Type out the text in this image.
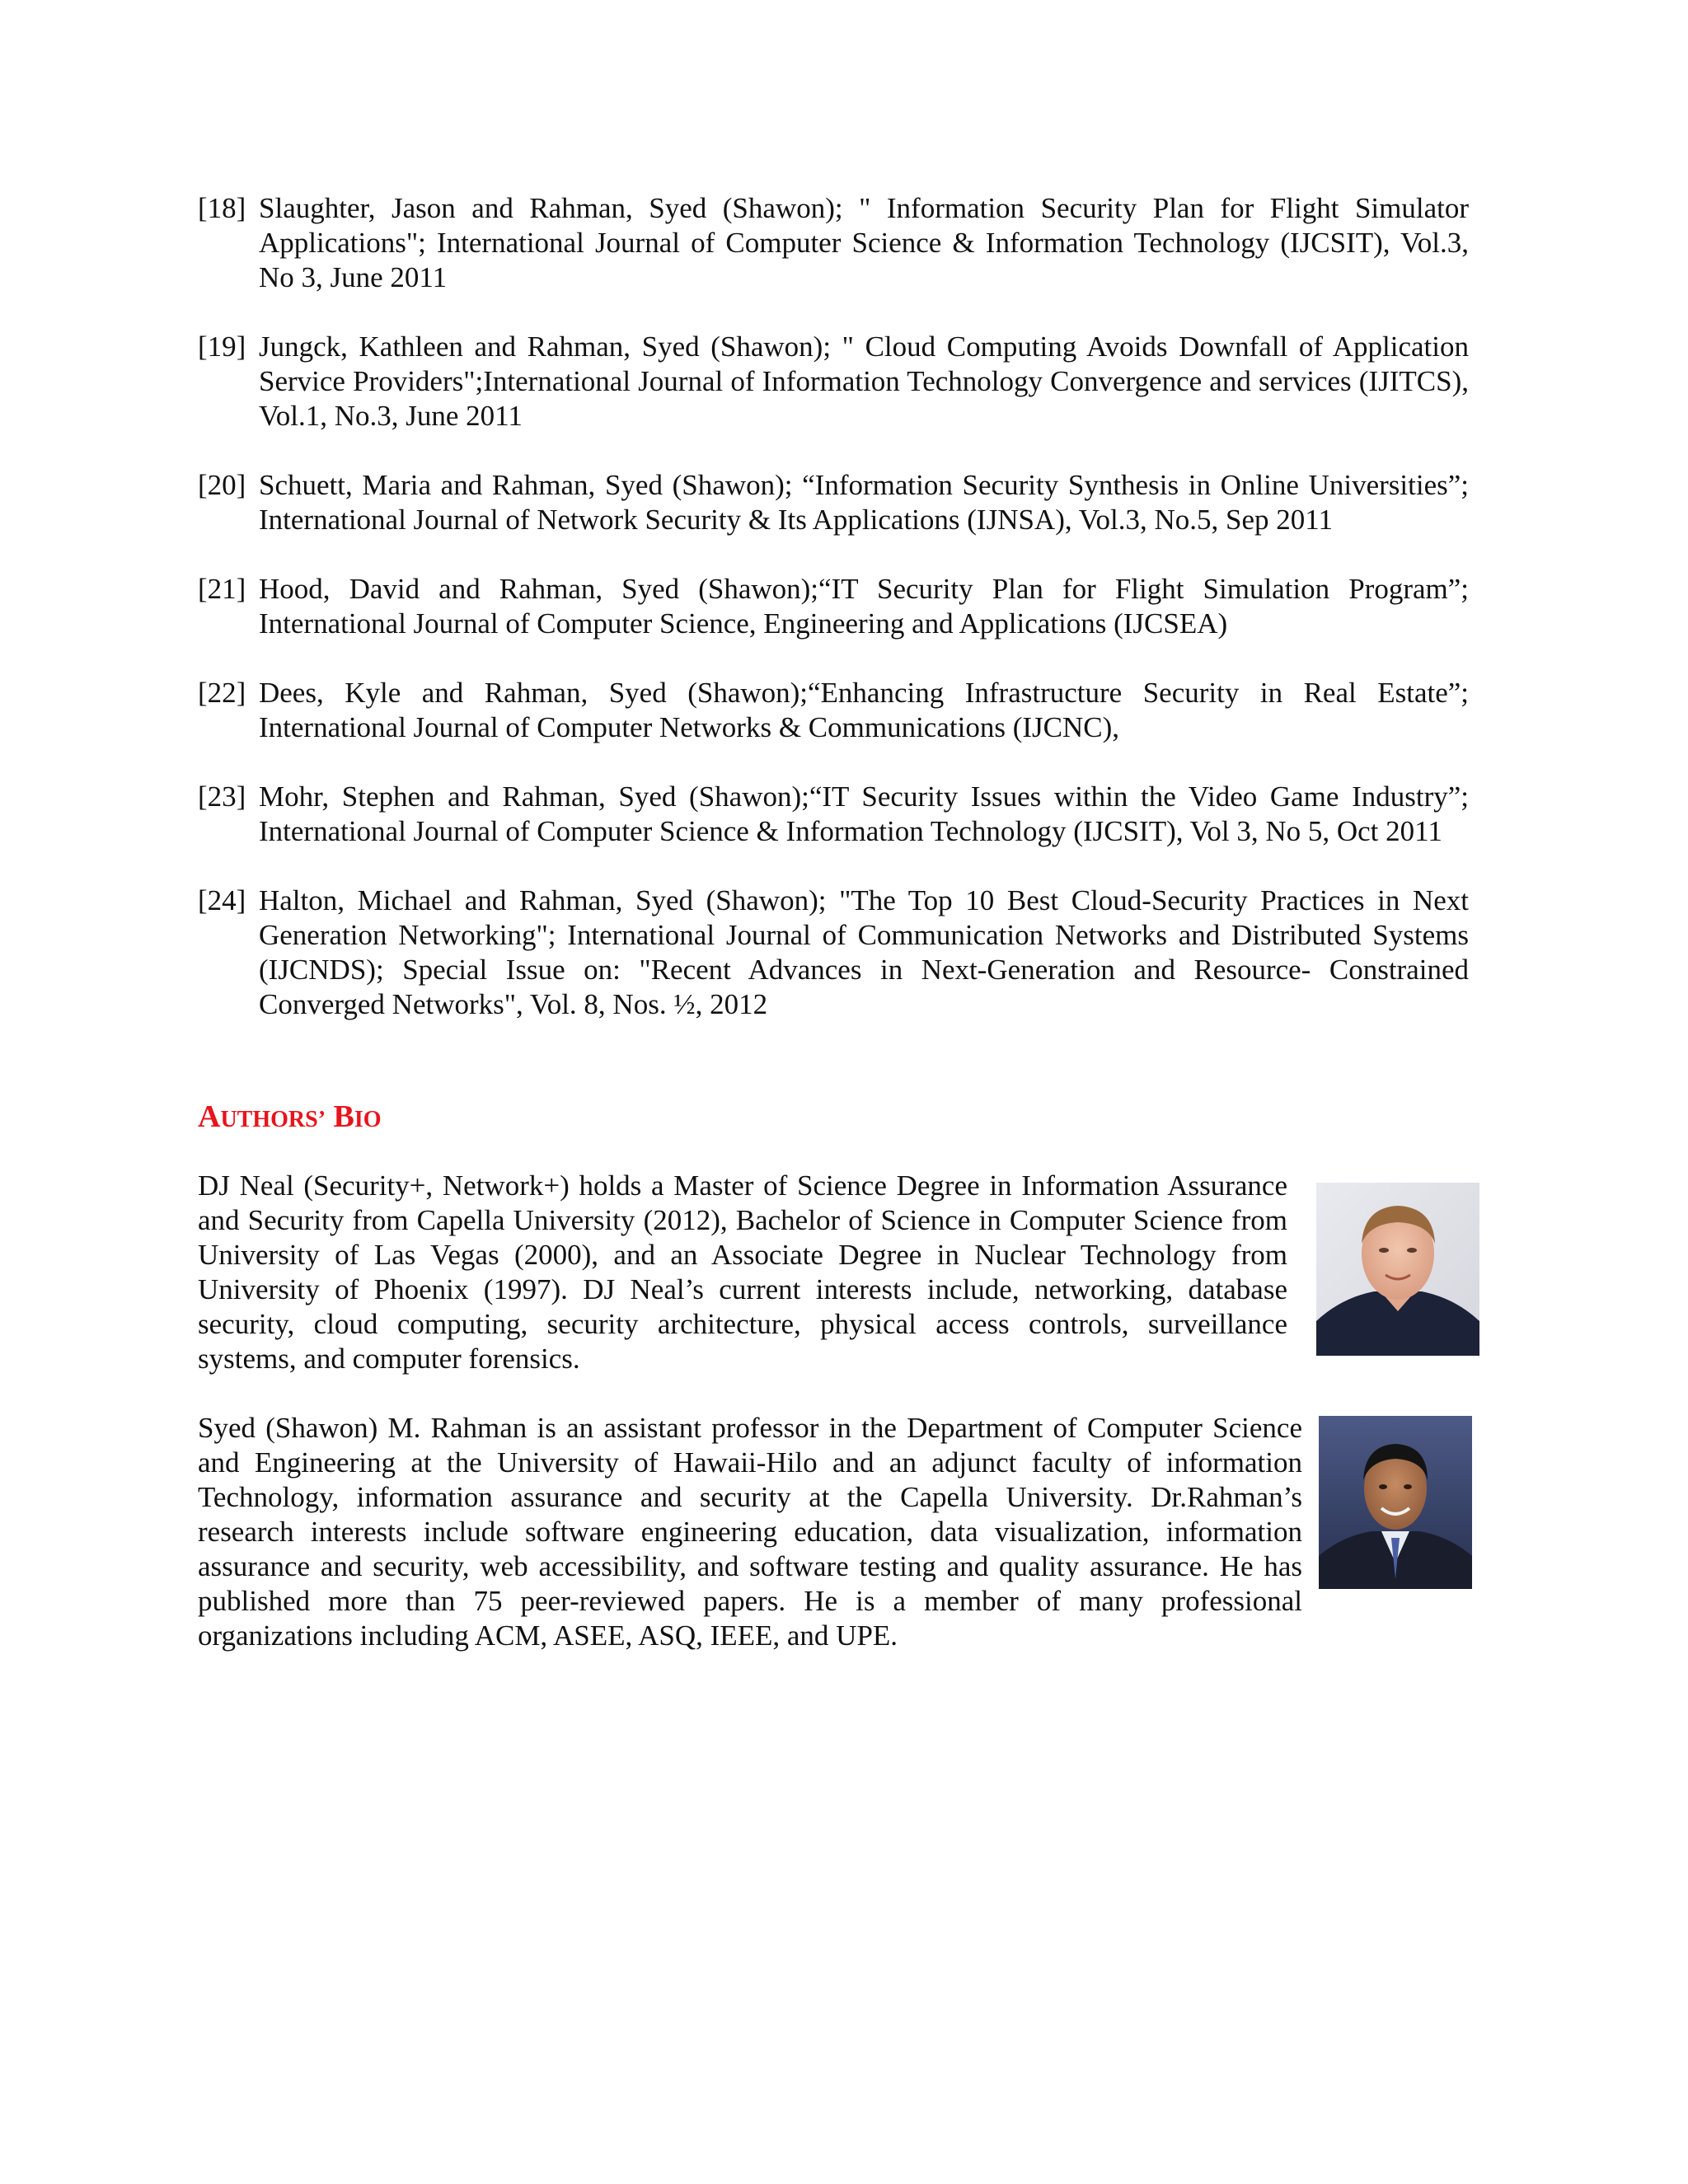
[18] Slaughter, Jason and Rahman, Syed (Shawon); " Information Security Plan for Flight Simulator Applications"; International Journal of Computer Science & Information Technology (IJCSIT), Vol.3, No 3, June 2011
[19] Jungck, Kathleen and Rahman, Syed (Shawon); " Cloud Computing Avoids Downfall of Application Service Providers";International Journal of Information Technology Convergence and services (IJITCS), Vol.1, No.3, June 2011
[20] Schuett, Maria and Rahman, Syed (Shawon); “Information Security Synthesis in Online Universities”; International Journal of Network Security & Its Applications (IJNSA), Vol.3, No.5, Sep 2011
[21] Hood, David and Rahman, Syed (Shawon);“IT Security Plan for Flight Simulation Program”; International Journal of Computer Science, Engineering and Applications (IJCSEA)
[22] Dees, Kyle and Rahman, Syed (Shawon);“Enhancing Infrastructure Security in Real Estate”; International Journal of Computer Networks & Communications (IJCNC),
[23] Mohr, Stephen and Rahman, Syed (Shawon);“IT Security Issues within the Video Game Industry”; International Journal of Computer Science & Information Technology (IJCSIT), Vol 3, No 5, Oct 2011
[24] Halton, Michael and Rahman, Syed (Shawon); "The Top 10 Best Cloud-Security Practices in Next Generation Networking"; International Journal of Communication Networks and Distributed Systems (IJCNDS); Special Issue on: "Recent Advances in Next-Generation and Resource- Constrained Converged Networks", Vol. 8, Nos. ½, 2012
AUTHORS’ BIO

DJ Neal (Security+, Network+) holds a Master of Science Degree in Information Assurance and Security from Capella University (2012), Bachelor of Science in Computer Science from University of Las Vegas (2000), and an Associate Degree in Nuclear Technology from University of Phoenix (1997). DJ Neal’s current interests include, networking, database security, cloud computing, security architecture, physical access controls, surveillance systems, and computer forensics.

Syed (Shawon) M. Rahman is an assistant professor in the Department of Computer Science and Engineering at the University of Hawaii-Hilo and an adjunct faculty of information Technology, information assurance and security at the Capella University. Dr.Rahman’s research interests include software engineering education, data visualization, information assurance and security, web accessibility, and software testing and quality assurance. He has published more than 75 peer-reviewed papers. He is a member of many professional organizations including ACM, ASEE, ASQ, IEEE, and UPE.
